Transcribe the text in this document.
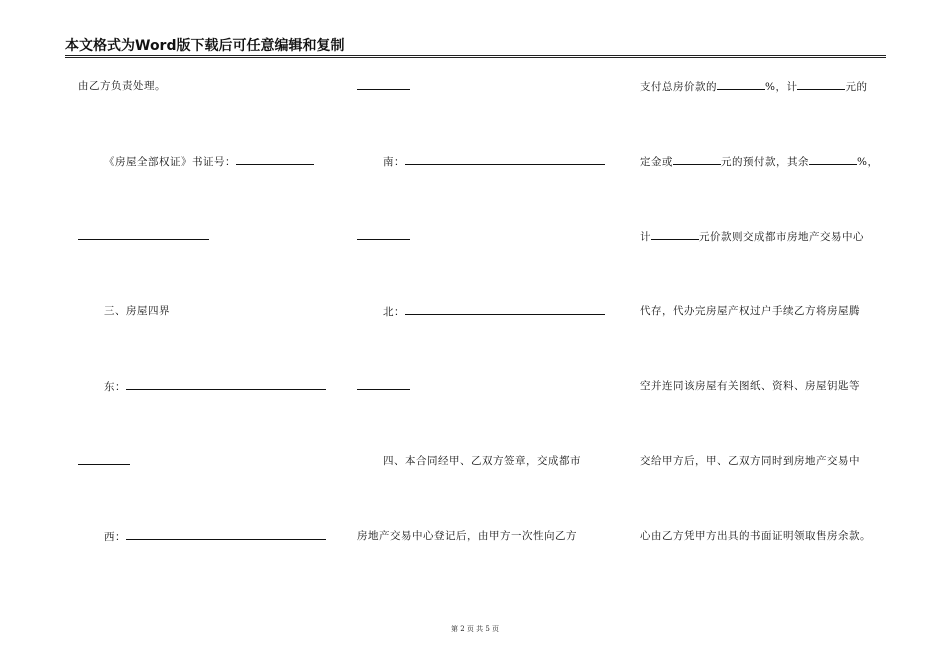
本文格式为Word版下载后可任意编辑和复制
由乙方负责处理。
《房屋全部权证》书证号：
三、房屋四界
东：
西：
南：
北：
四、本合同经甲、乙双方签章，交成都市
房地产交易中心登记后，由甲方一次性向乙方
支付总房价款的	%，计	元的
定金或	元的预付款，其余	%，
计	元价款则交成都市房地产交易中心
代存，代办完房屋产权过户手续乙方将房屋腾
空并连同该房屋有关图纸、资料、房屋钥匙等
交给甲方后，甲、乙双方同时到房地产交易中
心由乙方凭甲方出具的书面证明领取售房余款。
第 2 页 共 5 页
